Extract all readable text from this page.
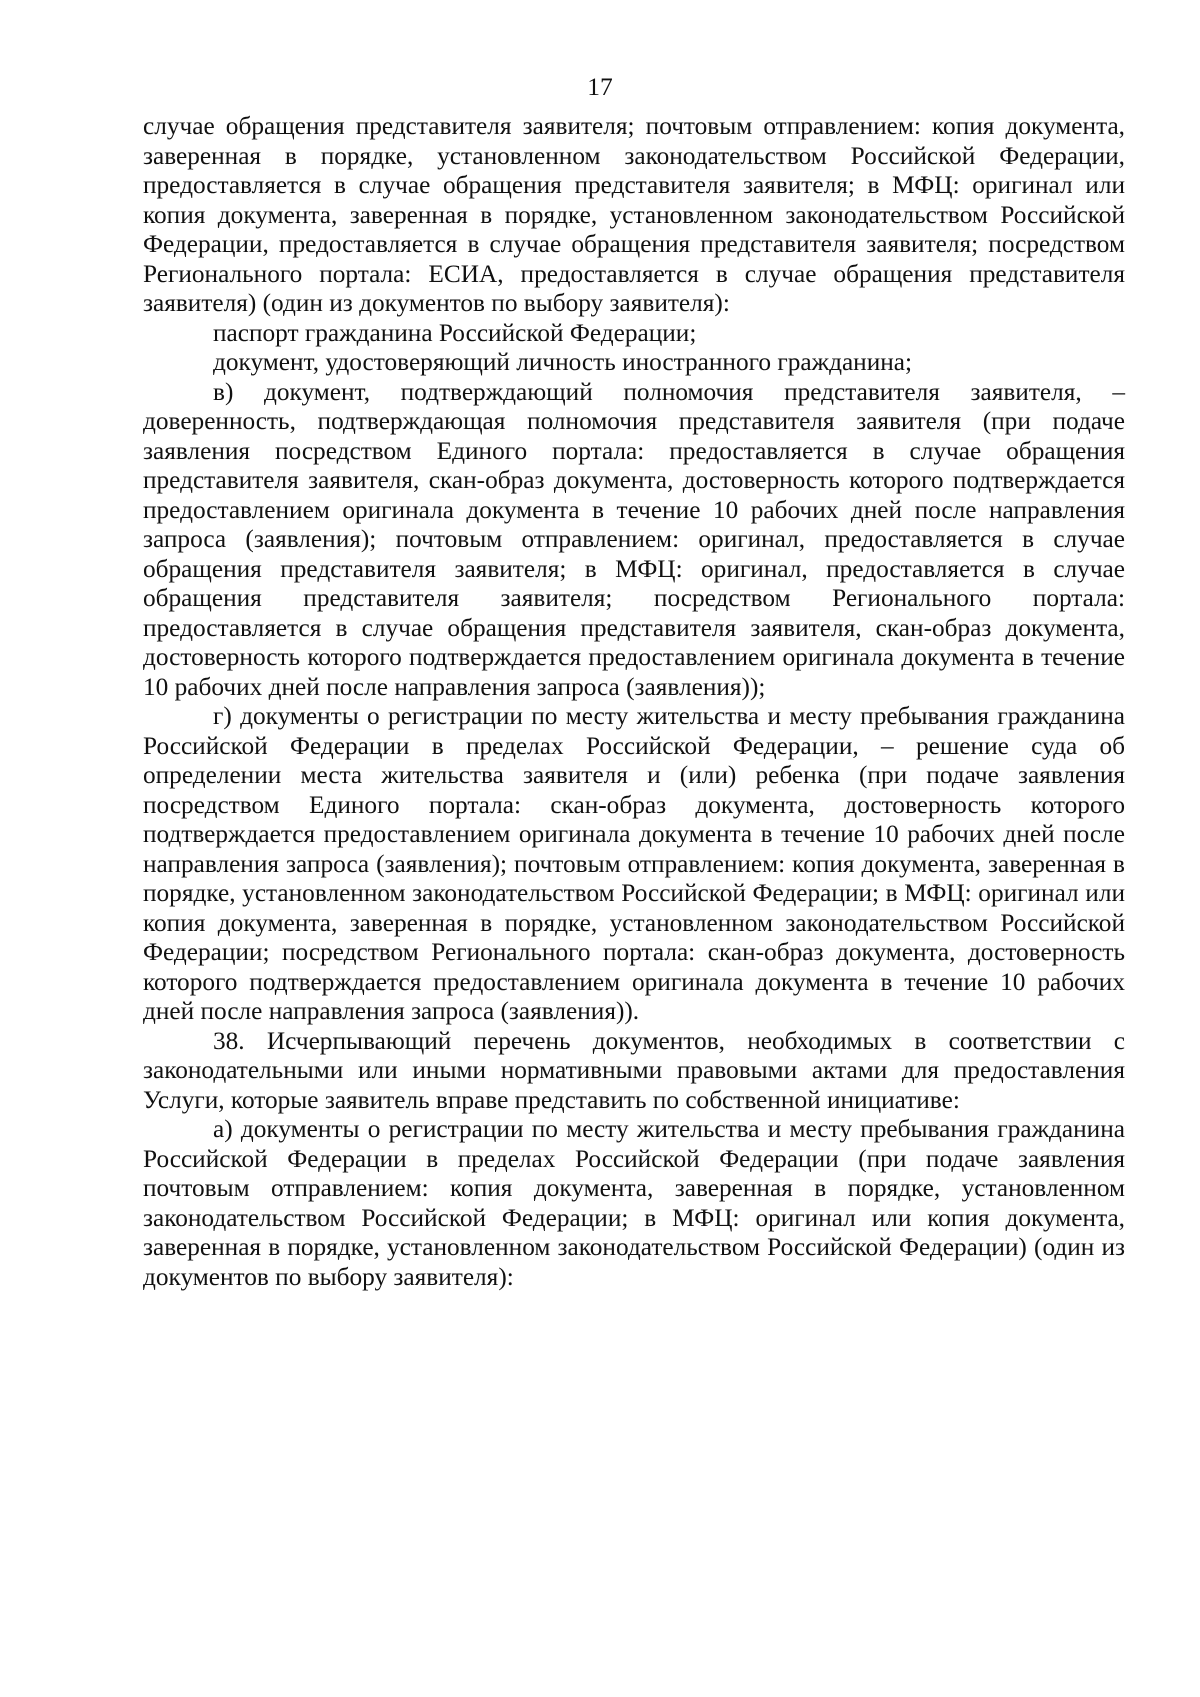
17

случае обращения представителя заявителя; почтовым отправлением: копия документа, заверенная в порядке, установленном законодательством Российской Федерации, предоставляется в случае обращения представителя заявителя; в МФЦ: оригинал или копия документа, заверенная в порядке, установленном законодательством Российской Федерации, предоставляется в случае обращения представителя заявителя; посредством Регионального портала: ЕСИА, предоставляется в случае обращения представителя заявителя) (один из документов по выбору заявителя):

паспорт гражданина Российской Федерации;

документ, удостоверяющий личность иностранного гражданина;

в) документ, подтверждающий полномочия представителя заявителя, – доверенность, подтверждающая полномочия представителя заявителя (при подаче заявления посредством Единого портала: предоставляется в случае обращения представителя заявителя, скан-образ документа, достоверность которого подтверждается предоставлением оригинала документа в течение 10 рабочих дней после направления запроса (заявления); почтовым отправлением: оригинал, предоставляется в случае обращения представителя заявителя; в МФЦ: оригинал, предоставляется в случае обращения представителя заявителя; посредством Регионального портала: предоставляется в случае обращения представителя заявителя, скан-образ документа, достоверность которого подтверждается предоставлением оригинала документа в течение 10 рабочих дней после направления запроса (заявления));

г) документы о регистрации по месту жительства и месту пребывания гражданина Российской Федерации в пределах Российской Федерации, – решение суда об определении места жительства заявителя и (или) ребенка (при подаче заявления посредством Единого портала: скан-образ документа, достоверность которого подтверждается предоставлением оригинала документа в течение 10 рабочих дней после направления запроса (заявления); почтовым отправлением: копия документа, заверенная в порядке, установленном законодательством Российской Федерации; в МФЦ: оригинал или копия документа, заверенная в порядке, установленном законодательством Российской Федерации; посредством Регионального портала: скан-образ документа, достоверность которого подтверждается предоставлением оригинала документа в течение 10 рабочих дней после направления запроса (заявления)).

38. Исчерпывающий перечень документов, необходимых в соответствии с законодательными или иными нормативными правовыми актами для предоставления Услуги, которые заявитель вправе представить по собственной инициативе:

а) документы о регистрации по месту жительства и месту пребывания гражданина Российской Федерации в пределах Российской Федерации (при подаче заявления почтовым отправлением: копия документа, заверенная в порядке, установленном законодательством Российской Федерации; в МФЦ: оригинал или копия документа, заверенная в порядке, установленном законодательством Российской Федерации) (один из документов по выбору заявителя):
